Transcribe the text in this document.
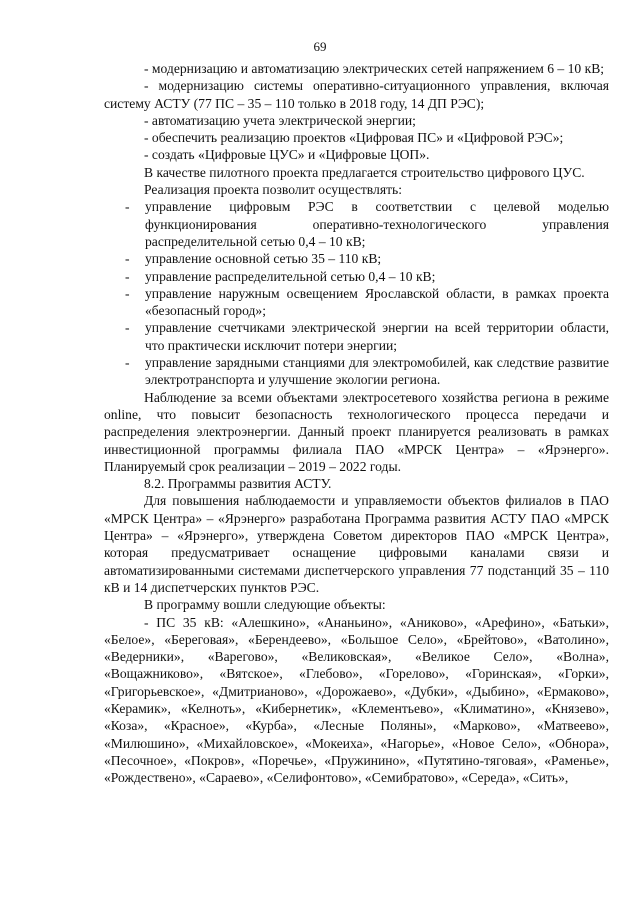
69

- модернизацию и автоматизацию электрических сетей напряжением 6 – 10 кВ;

- модернизацию системы оперативно-ситуационного управления, включая систему АСТУ (77 ПС – 35 – 110 только в 2018 году, 14 ДП РЭС);

- автоматизацию учета электрической энергии;

- обеспечить реализацию проектов «Цифровая ПС» и «Цифровой РЭС»;

- создать «Цифровые ЦУС» и «Цифровые ЦОП».

В качестве пилотного проекта предлагается строительство цифрового ЦУС.

Реализация проекта позволит осуществлять:

- управление цифровым РЭС в соответствии с целевой моделью функционирования оперативно-технологического управления распределительной сетью 0,4 – 10 кВ;

- управление основной сетью 35 – 110 кВ;

- управление распределительной сетью 0,4 – 10 кВ;

- управление наружным освещением Ярославской области, в рамках проекта «безопасный город»;

- управление счетчиками электрической энергии на всей территории области, что практически исключит потери энергии;

- управление зарядными станциями для электромобилей, как следствие развитие электротранспорта и улучшение экологии региона.

Наблюдение за всеми объектами электросетевого хозяйства региона в режиме online, что повысит безопасность технологического процесса передачи и распределения электроэнергии. Данный проект планируется реализовать в рамках инвестиционной программы филиала ПАО «МРСК Центра» – «Ярэнерго». Планируемый срок реализации – 2019 – 2022 годы.

8.2. Программы развития АСТУ.

Для повышения наблюдаемости и управляемости объектов филиалов в ПАО «МРСК Центра» – «Ярэнерго» разработана Программа развития АСТУ ПАО «МРСК Центра» – «Ярэнерго», утверждена Советом директоров ПАО «МРСК Центра», которая предусматривает оснащение цифровыми каналами связи и автоматизированными системами диспетчерского управления 77 подстанций 35 – 110 кВ и 14 диспетчерских пунктов РЭС.

В программу вошли следующие объекты:

- ПС 35 кВ: «Алешкино», «Ананьино», «Аниково», «Арефино», «Батьки», «Белое», «Береговая», «Берендеево», «Большое Село», «Брейтово», «Ватолино», «Ведерники», «Варегово», «Великовская», «Великое Село», «Волна», «Вощажниково», «Вятское», «Глебово», «Горелово», «Горинская», «Горки», «Григорьевское», «Дмитрианово», «Дорожаево», «Дубки», «Дыбино», «Ермаково», «Керамик», «Келноть», «Кибернетик», «Клементьево», «Климатино», «Князево», «Коза», «Красное», «Курба», «Лесные Поляны», «Марково», «Матвеево», «Милюшино», «Михайловское», «Мокеиха», «Нагорье», «Новое Село», «Обнора», «Песочное», «Покров», «Поречье», «Пружинино», «Путятино-тяговая», «Раменье», «Рождествено», «Сараево», «Селифонтово», «Семибратово», «Середа», «Сить»,
